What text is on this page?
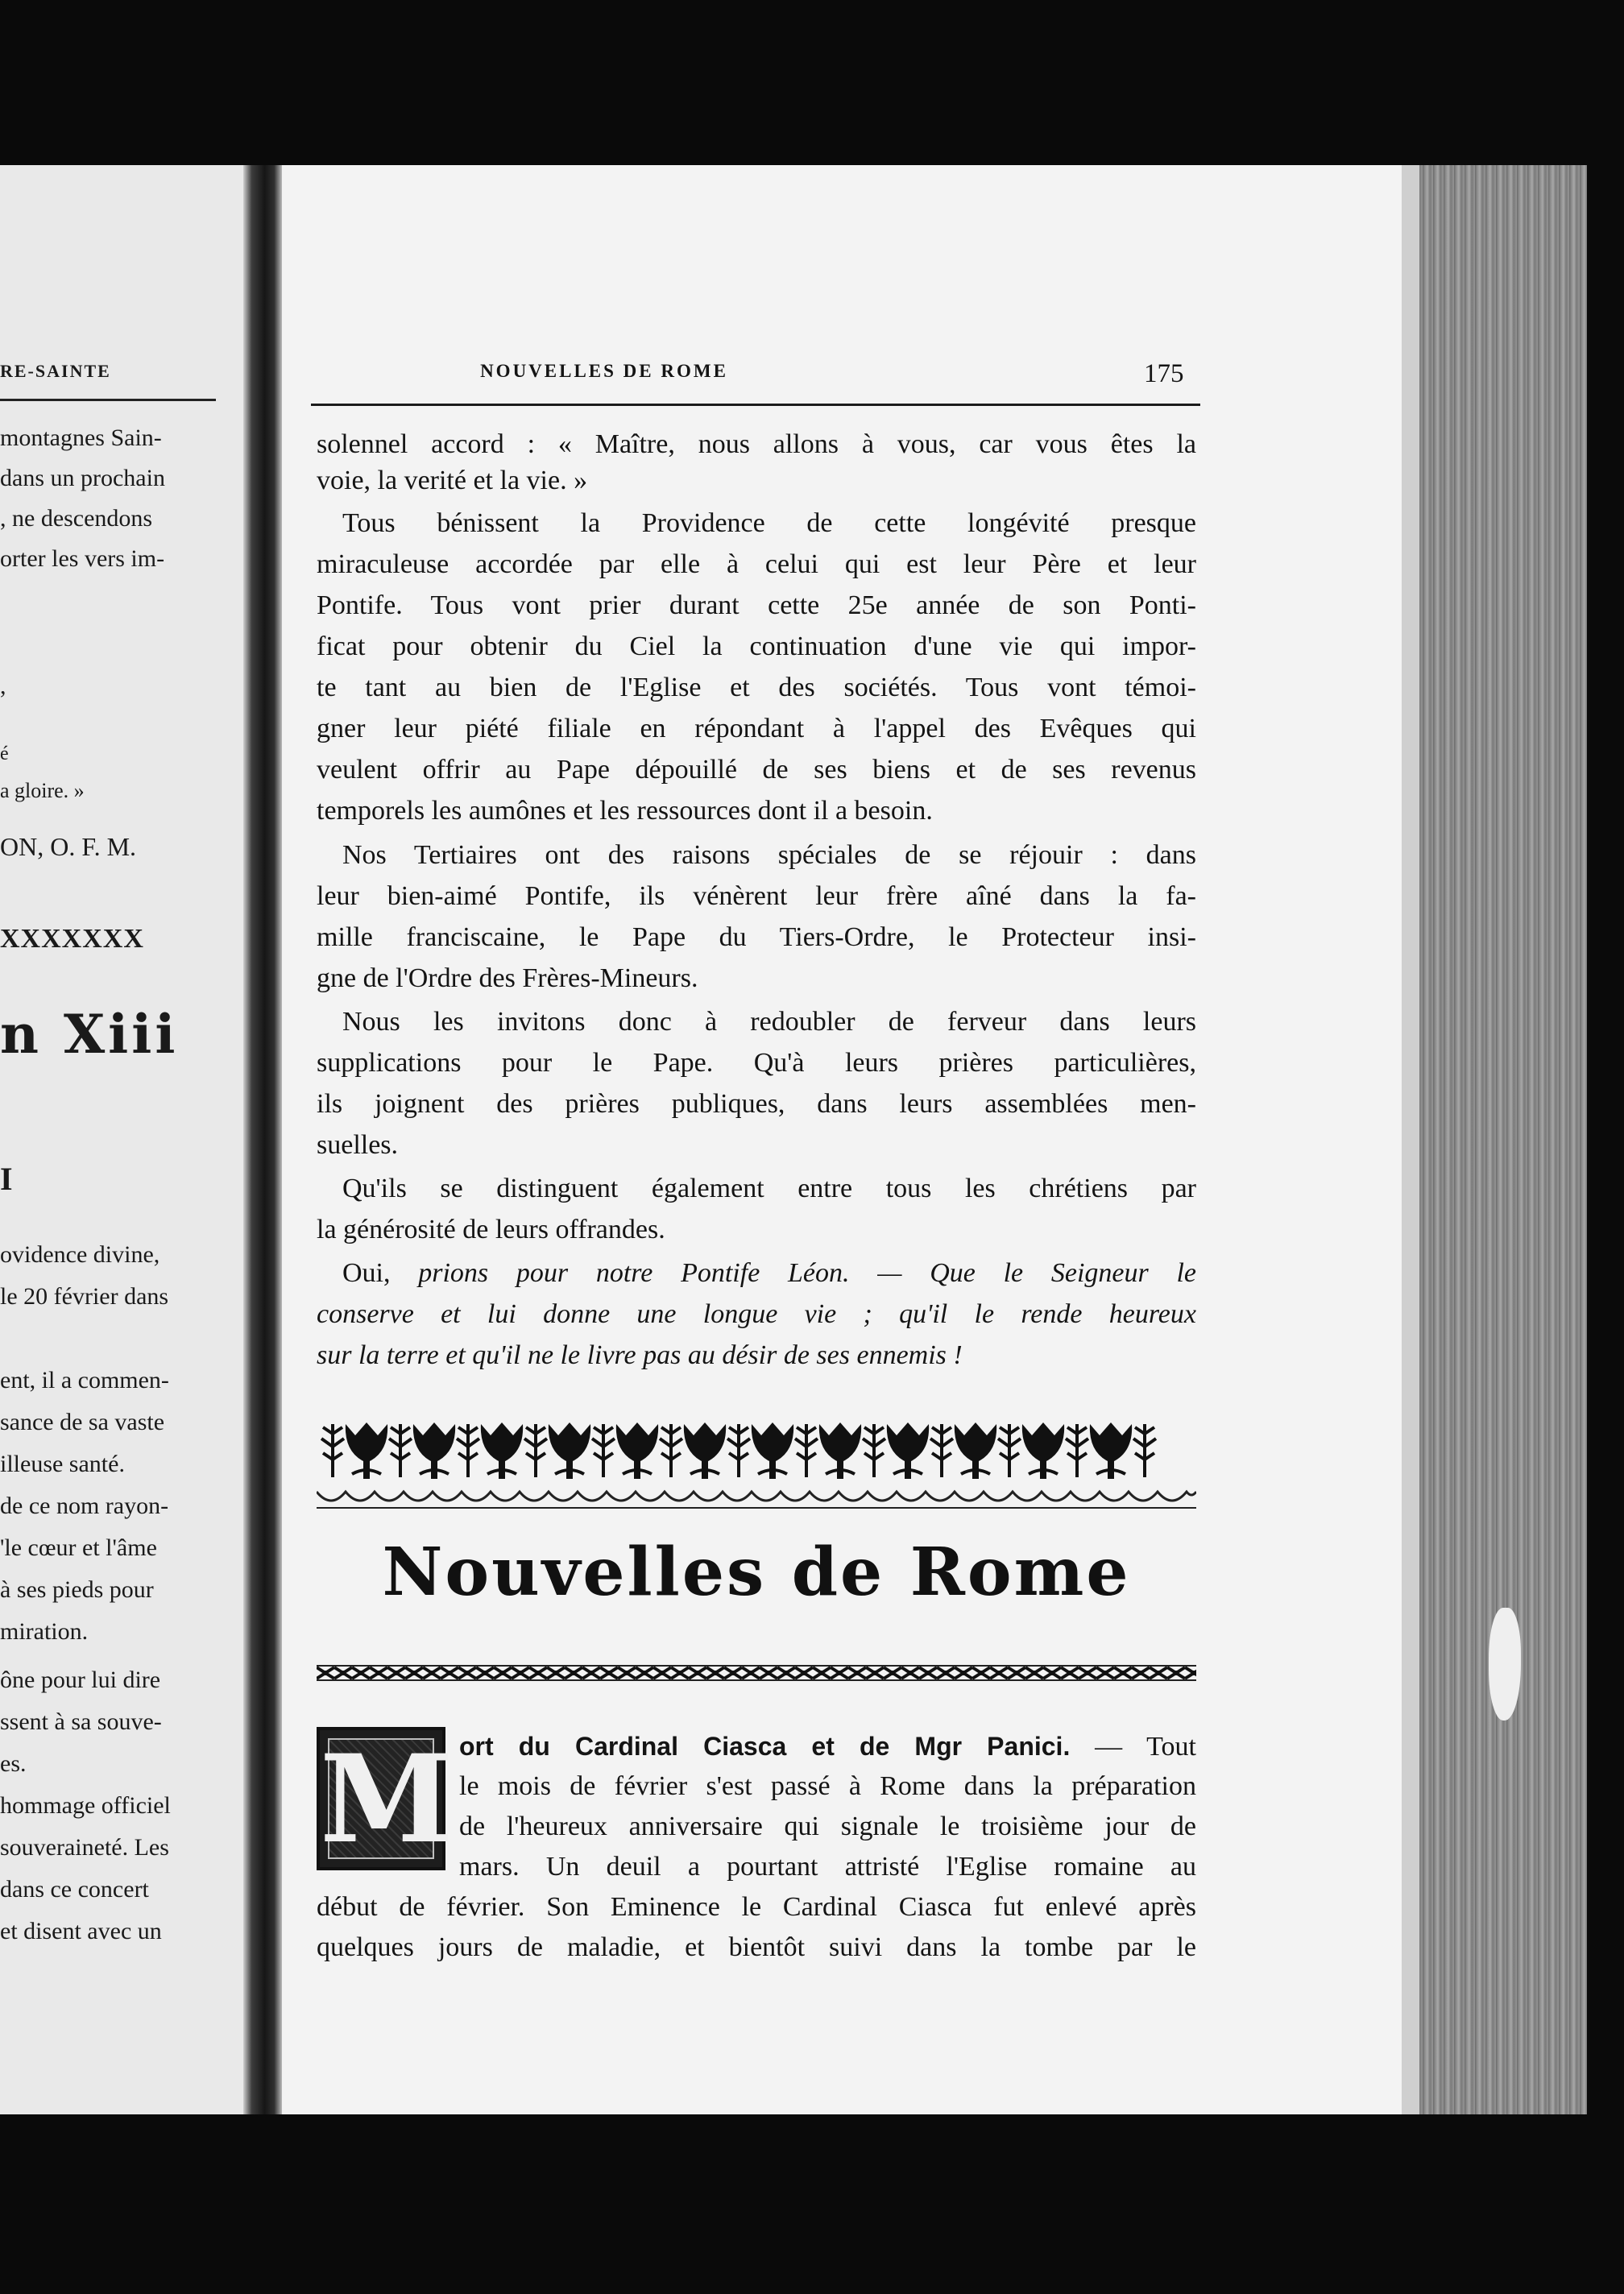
RE-SAINTE
montagnes Sain-
dans un prochain
, ne descendons
orter les vers im-
,
é
a gloire. »
ON, O. F. M.
XXXXXXX
n Xiii
I
ovidence divine,
le 20 février dans
ent, il a commen-
sance de sa vaste
illeuse santé.
de ce nom rayon-
'le cœur et l'âme
à ses pieds pour
miration.
ône pour lui dire
ssent à sa souve-
es.
hommage officiel
souveraineté. Les
dans ce concert
et disent avec un
NOUVELLES DE ROME	175
solennel accord : « Maître, nous allons à vous, car vous êtes la
voie, la verité et la vie. »
Tous bénissent la Providence de cette longévité presque
miraculeuse accordée par elle à celui qui est leur Père et leur
Pontife. Tous vont prier durant cette 25e année de son Ponti-
ficat pour obtenir du Ciel la continuation d'une vie qui impor-
te tant au bien de l'Eglise et des sociétés. Tous vont témoi-
gner leur piété filiale en répondant à l'appel des Evêques qui
veulent offrir au Pape dépouillé de ses biens et de ses revenus
temporels les aumônes et les ressources dont il a besoin.
Nos Tertiaires ont des raisons spéciales de se réjouir : dans
leur bien-aimé Pontife, ils vénèrent leur frère aîné dans la fa-
mille franciscaine, le Pape du Tiers-Ordre, le Protecteur insi-
gne de l'Ordre des Frères-Mineurs.
Nous les invitons donc à redoubler de ferveur dans leurs
supplications pour le Pape. Qu'à leurs prières particulières,
ils joignent des prières publiques, dans leurs assemblées men-
suelles.
Qu'ils se distinguent également entre tous les chrétiens par
la générosité de leurs offrandes.
Oui, prions pour notre Pontife Léon. — Que le Seigneur le
conserve et lui donne une longue vie ; qu'il le rende heureux
sur la terre et qu'il ne le livre pas au désir de ses ennemis !
Nouvelles de Rome
M ort du Cardinal Ciasca et de Mgr Panici. — Tout
le mois de février s'est passé à Rome dans la préparation
de l'heureux anniversaire qui signale le troisième jour de
mars. Un deuil a pourtant attristé l'Eglise romaine au
début de février. Son Eminence le Cardinal Ciasca fut enlevé après
quelques jours de maladie, et bientôt suivi dans la tombe par le
